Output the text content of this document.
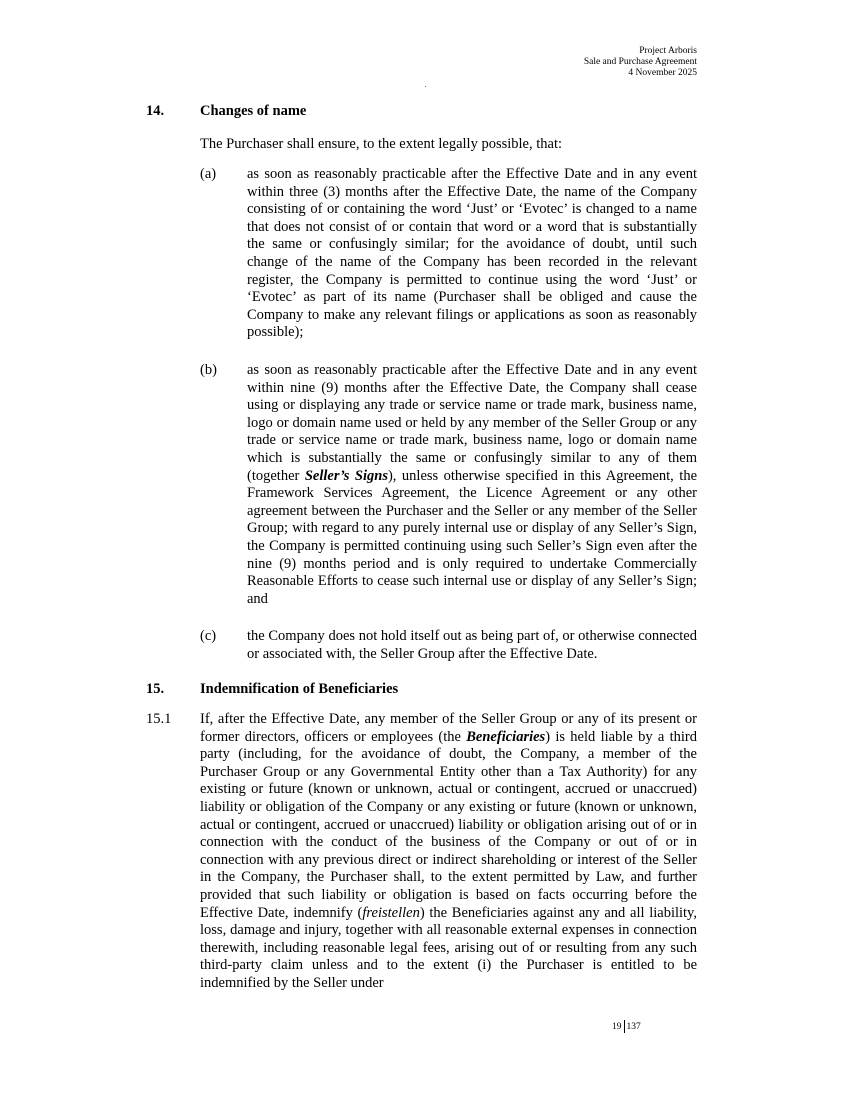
Project Arboris
Sale and Purchase Agreement
4 November 2025
14. Changes of name
The Purchaser shall ensure, to the extent legally possible, that:
(a) as soon as reasonably practicable after the Effective Date and in any event within three (3) months after the Effective Date, the name of the Company consisting of or containing the word ‘Just’ or ‘Evotec’ is changed to a name that does not consist of or contain that word or a word that is substantially the same or confusingly similar; for the avoidance of doubt, until such change of the name of the Company has been recorded in the relevant register, the Company is permitted to continue using the word ‘Just’ or ‘Evotec’ as part of its name (Purchaser shall be obliged and cause the Company to make any relevant filings or applications as soon as reasonably possible);
(b) as soon as reasonably practicable after the Effective Date and in any event within nine (9) months after the Effective Date, the Company shall cease using or displaying any trade or service name or trade mark, business name, logo or domain name used or held by any member of the Seller Group or any trade or service name or trade mark, business name, logo or domain name which is substantially the same or confusingly similar to any of them (together Seller’s Signs), unless otherwise specified in this Agreement, the Framework Services Agreement, the Licence Agreement or any other agreement between the Purchaser and the Seller or any member of the Seller Group; with regard to any purely internal use or display of any Seller’s Sign, the Company is permitted continuing using such Seller’s Sign even after the nine (9) months period and is only required to undertake Commercially Reasonable Efforts to cease such internal use or display of any Seller’s Sign; and
(c) the Company does not hold itself out as being part of, or otherwise connected or associated with, the Seller Group after the Effective Date.
15. Indemnification of Beneficiaries
15.1 If, after the Effective Date, any member of the Seller Group or any of its present or former directors, officers or employees (the Beneficiaries) is held liable by a third party (including, for the avoidance of doubt, the Company, a member of the Purchaser Group or any Governmental Entity other than a Tax Authority) for any existing or future (known or unknown, actual or contingent, accrued or unaccrued) liability or obligation of the Company or any existing or future (known or unknown, actual or contingent, accrued or unaccrued) liability or obligation arising out of or in connection with the conduct of the business of the Company or out of or in connection with any previous direct or indirect shareholding or interest of the Seller in the Company, the Purchaser shall, to the extent permitted by Law, and further provided that such liability or obligation is based on facts occurring before the Effective Date, indemnify (freistellen) the Beneficiaries against any and all liability, loss, damage and injury, together with all reasonable external expenses in connection therewith, including reasonable legal fees, arising out of or resulting from any such third-party claim unless and to the extent (i) the Purchaser is entitled to be indemnified by the Seller under
19 137
